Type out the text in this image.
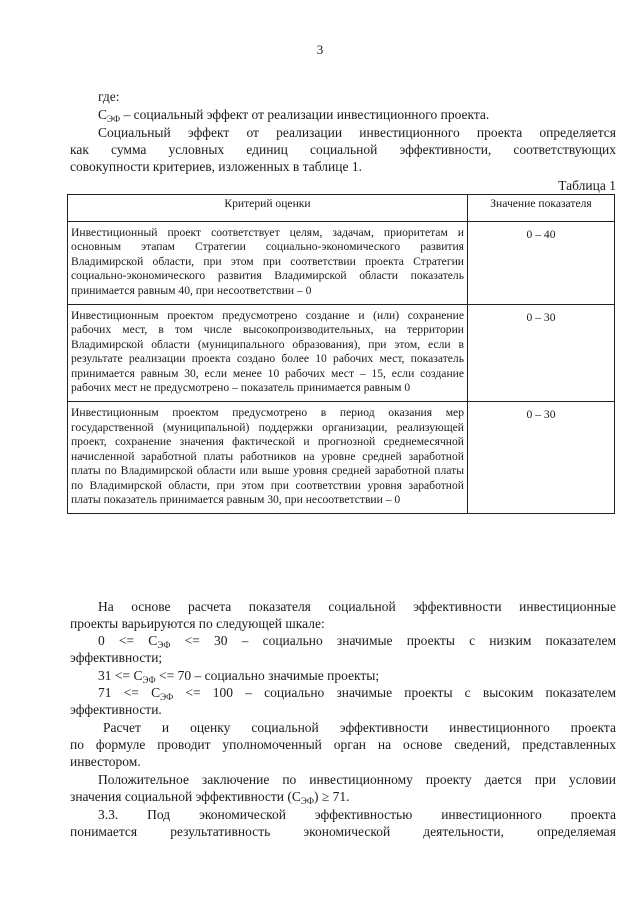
3
где:
$С_{ЭФ}$ – социальный эффект от реализации инвестиционного проекта.
Социальный эффект от реализации инвестиционного проекта определяется
как сумма условных единиц социальной эффективности, соответствующих
совокупности критериев, изложенных в таблице 1.
Таблица 1
Критерий оценки	Значение показателя
Инвестиционный проект соответствует целям, задачам, приоритетам и основным этапам Стратегии социально-экономического развития Владимирской области, при этом при соответствии проекта Стратегии социально-экономического развития Владимирской области показатель принимается равным 40, при несоответствии – 0	0 – 40
Инвестиционным проектом предусмотрено создание и (или) сохранение рабочих мест, в том числе высокопроизводительных, на территории Владимирской области (муниципального образования), при этом, если в результате реализации проекта создано более 10 рабочих мест, показатель принимается равным 30, если менее 10 рабочих мест – 15, если создание рабочих мест не предусмотрено – показатель принимается равным 0	0 – 30
Инвестиционным проектом предусмотрено в период оказания мер государственной (муниципальной) поддержки организации, реализующей проект, сохранение значения фактической и прогнозной среднемесячной начисленной заработной платы работников на уровне средней заработной платы по Владимирской области или выше уровня средней заработной платы по Владимирской области, при этом при соответствии уровня заработной платы показатель принимается равным 30, при несоответствии – 0	0 – 30
На основе расчета показателя социальной эффективности инвестиционные
проекты варьируются по следующей шкале:
$0 <= С_{ЭФ} <= 30$ – социально значимые проекты с низким показателем
эффективности;
$31 <= С_{ЭФ} <= 70$ – социально значимые проекты;
$71 <= С_{ЭФ} <= 100$ – социально значимые проекты с высоким показателем
эффективности.
Расчет и оценку социальной эффективности инвестиционного проекта
по формуле проводит уполномоченный орган на основе сведений, представленных
инвестором.
Положительное заключение по инвестиционному проекту дается при условии
значения социальной эффективности $(С_{ЭФ}) \ge 71$.
3.3. Под экономической эффективностью инвестиционного проекта
понимается результативность экономической деятельности, определяемая
